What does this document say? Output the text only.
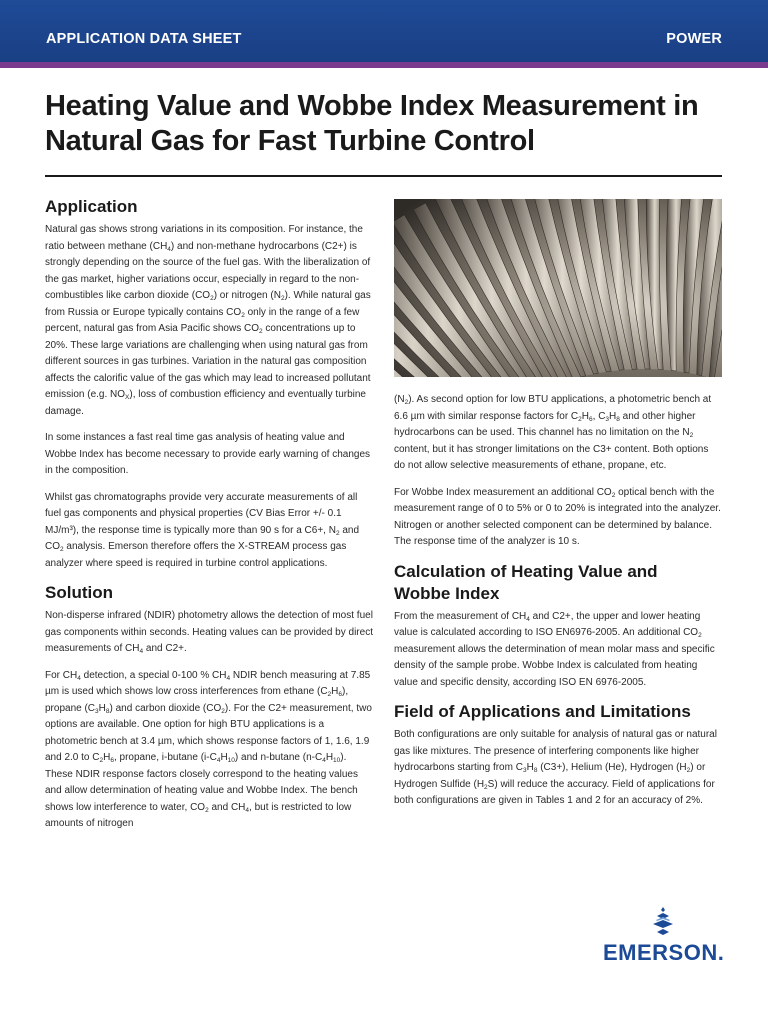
APPLICATION DATA SHEET	POWER
Heating Value and Wobbe Index Measurement in
Natural Gas for Fast Turbine Control
Application

Natural gas shows strong variations in its composition. For instance, the ratio between methane $(CH_4)$ and non-methane hydrocarbons (C2+) is strongly depending on the source of the fuel gas. With the liberalization of the gas market, higher variations occur, especially in regard to the non-combustibles like carbon dioxide $(CO_2)$ or nitrogen $(N_2)$. While natural gas from Russia or Europe typically contains $CO_2$ only in the range of a few percent, natural gas from Asia Pacific shows $CO_2$ concentrations up to 20%. These large variations are challenging when using natural gas from different sources in gas turbines. Variation in the natural gas composition affects the calorific value of the gas which may lead to increased pollutant emission (e.g. $NO_X$), loss of combustion efficiency and eventually turbine damage.

In some instances a fast real time gas analysis of heating value and Wobbe Index has become necessary to provide early warning of changes in the composition.

Whilst gas chromatographs provide very accurate measurements of all fuel gas components and physical properties (CV Bias Error +/- 0.1 MJ/m³), the response time is typically more than 90 s for a C6+, $N_2$ and $CO_2$ analysis. Emerson therefore offers the X-STREAM process gas analyzer where speed is required in turbine control applications.

Solution

Non-disperse infrared (NDIR) photometry allows the detection of most fuel gas components within seconds. Heating values can be provided by direct measurements of $CH_4$ and C2+.

For $CH_4$ detection, a special 0-100 % $CH_4$ NDIR bench measuring at 7.85 µm is used which shows low cross interferences from ethane $(C_2H_6)$, propane $(C_3H_8)$ and carbon dioxide $(CO_2)$. For the C2+ measurement, two options are available. One option for high BTU applications is a photometric bench at 3.4 µm, which shows response factors of 1, 1.6, 1.9 and 2.0 to $C_2H_6$, propane, i-butane $(i-C_4H_{10})$ and n-butane $(n-C_4H_{10})$. These NDIR response factors closely correspond to the heating values and allow determination of heating value and Wobbe Index. The bench shows low interference to water, $CO_2$ and $CH_4$, but is restricted to low amounts of nitrogen

$(N_2)$. As second option for low BTU applications, a photometric bench at 6.6 µm with similar response factors for $C_2H_6$, $C_3H_8$ and other higher hydrocarbons can be used. This channel has no limitation on the $N_2$ content, but it has stronger limitations on the C3+ content. Both options do not allow selective measurements of ethane, propane, etc.

For Wobbe Index measurement an additional $CO_2$ optical bench with the measurement range of 0 to 5% or 0 to 20% is integrated into the analyzer. Nitrogen or another selected component can be determined by balance. The response time of the analyzer is 10 s.

Calculation of Heating Value and
Wobbe Index

From the measurement of $CH_4$ and C2+, the upper and lower heating value is calculated according to ISO EN6976-2005. An additional $CO_2$ measurement allows the determination of mean molar mass and specific density of the sample probe. Wobbe Index is calculated from heating value and specific density, according ISO EN 6976-2005.

Field of Applications and Limitations

Both configurations are only suitable for analysis of natural gas or natural gas like mixtures. The presence of interfering components like higher hydrocarbons starting from $C_3H_8$ (C3+), Helium (He), Hydrogen $(H_2)$ or Hydrogen Sulfide $(H_2S)$ will reduce the accuracy. Field of applications for both configurations are given in Tables 1 and 2 for an accuracy of 2%.

EMERSON.
